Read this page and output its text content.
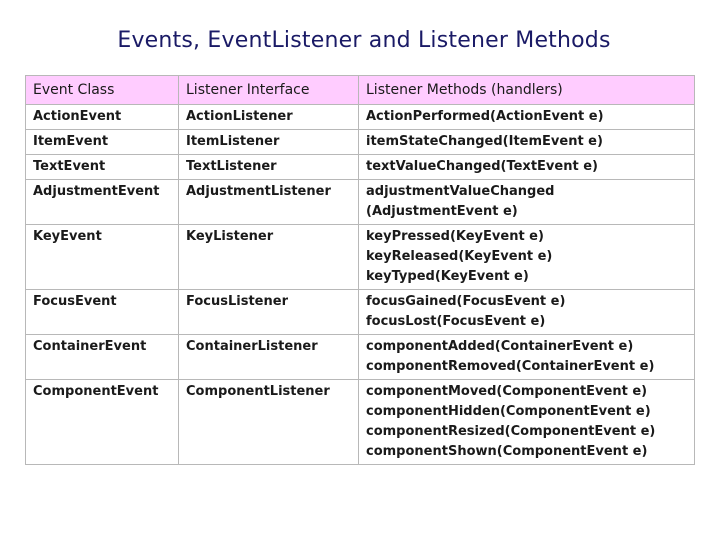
Events, EventListener and Listener Methods
Event Class	Listener Interface	Listener Methods (handlers)
ActionEvent	ActionListener	ActionPerformed(ActionEvent e)

ItemEvent	ItemListener	itemStateChanged(ItemEvent e)

TextEvent	TextListener	textValueChanged(TextEvent e)

AdjustmentEvent	AdjustmentListener	adjustmentValueChanged
(AdjustmentEvent e)

KeyEvent	KeyListener	keyPressed(KeyEvent e)
keyReleased(KeyEvent e)
keyTyped(KeyEvent e)

FocusEvent	FocusListener	focusGained(FocusEvent e)
focusLost(FocusEvent e)

ContainerEvent	ContainerListener	componentAdded(ContainerEvent e)
componentRemoved(ContainerEvent e)

ComponentEvent	ComponentListener	componentMoved(ComponentEvent e)
componentHidden(ComponentEvent e)
componentResized(ComponentEvent e)
componentShown(ComponentEvent e)
